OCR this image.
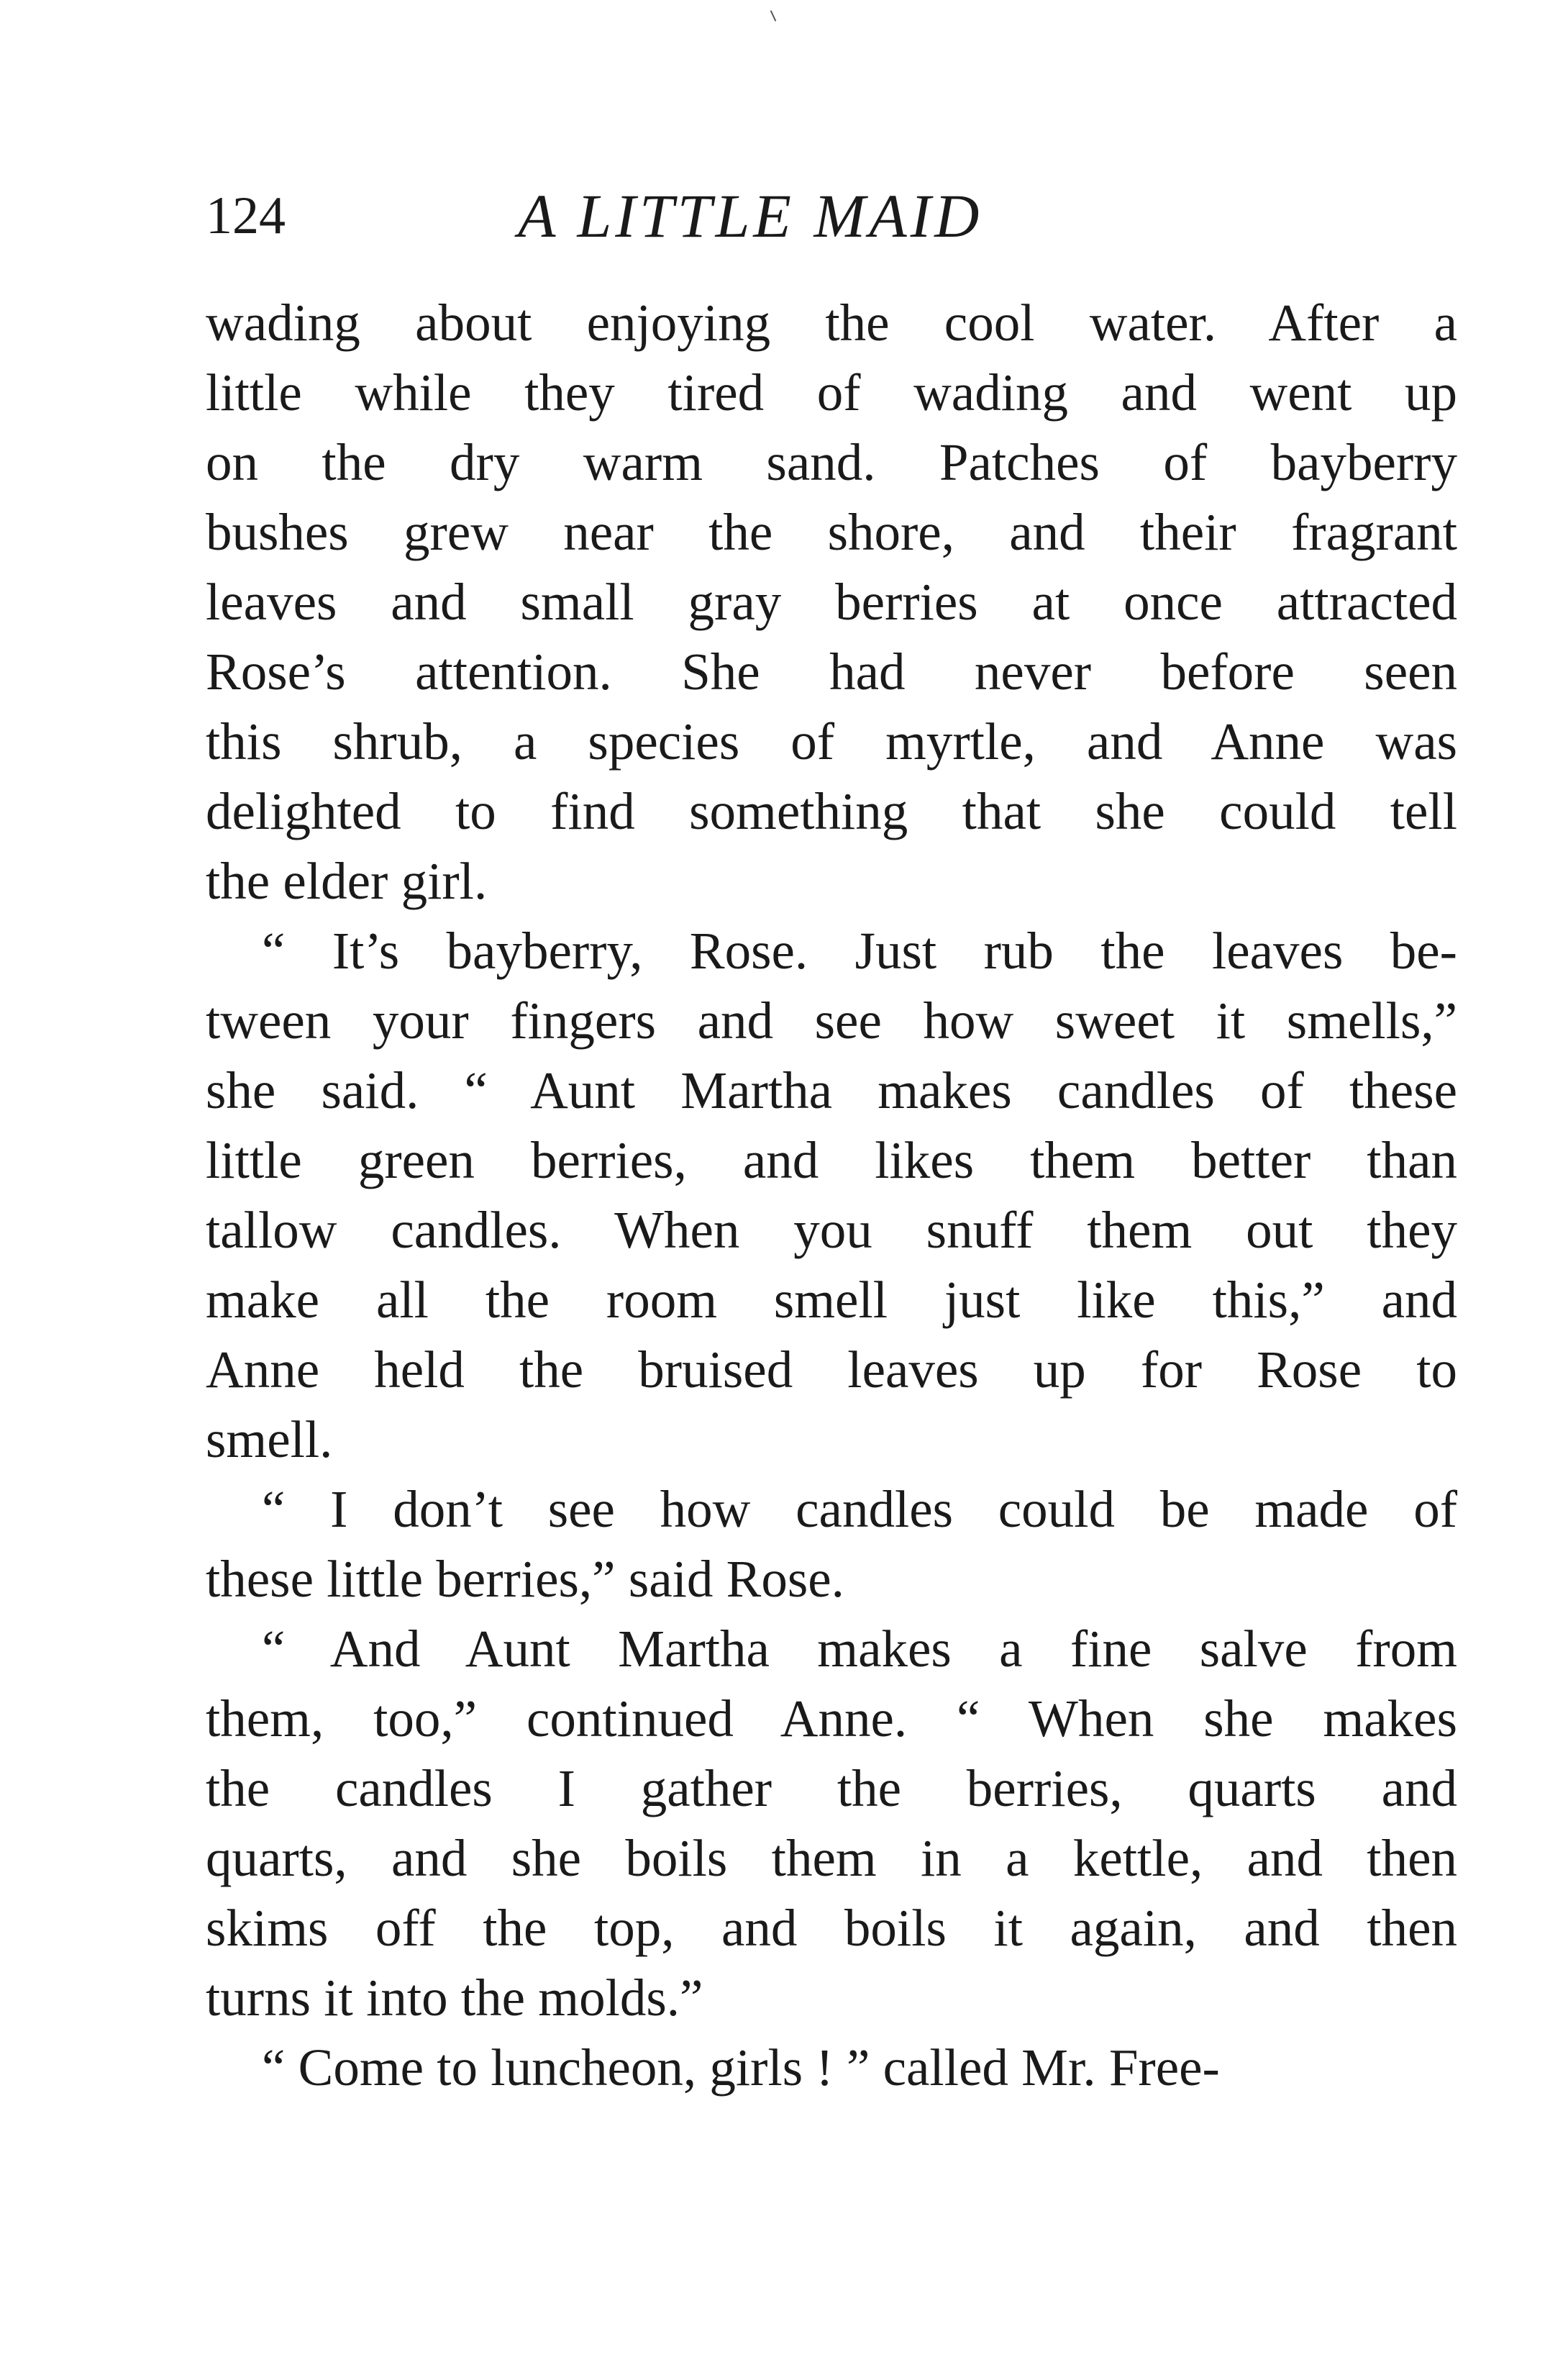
124	A LITTLE MAID
wading about enjoying the cool water. After a
little while they tired of wading and went up
on the dry warm sand. Patches of bayberry
bushes grew near the shore, and their fragrant
leaves and small gray berries at once attracted
Rose’s attention. She had never before seen
this shrub, a species of myrtle, and Anne was
delighted to find something that she could tell
the elder girl.
“ It’s bayberry, Rose. Just rub the leaves be-
tween your fingers and see how sweet it smells,”
she said. “ Aunt Martha makes candles of these
little green berries, and likes them better than
tallow candles. When you snuff them out they
make all the room smell just like this,” and
Anne held the bruised leaves up for Rose to
smell.
“ I don’t see how candles could be made of
these little berries,” said Rose.
“ And Aunt Martha makes a fine salve from
them, too,” continued Anne. “ When she makes
the candles I gather the berries, quarts and
quarts, and she boils them in a kettle, and then
skims off the top, and boils it again, and then
turns it into the molds.”
“ Come to luncheon, girls ! ” called Mr. Free-
